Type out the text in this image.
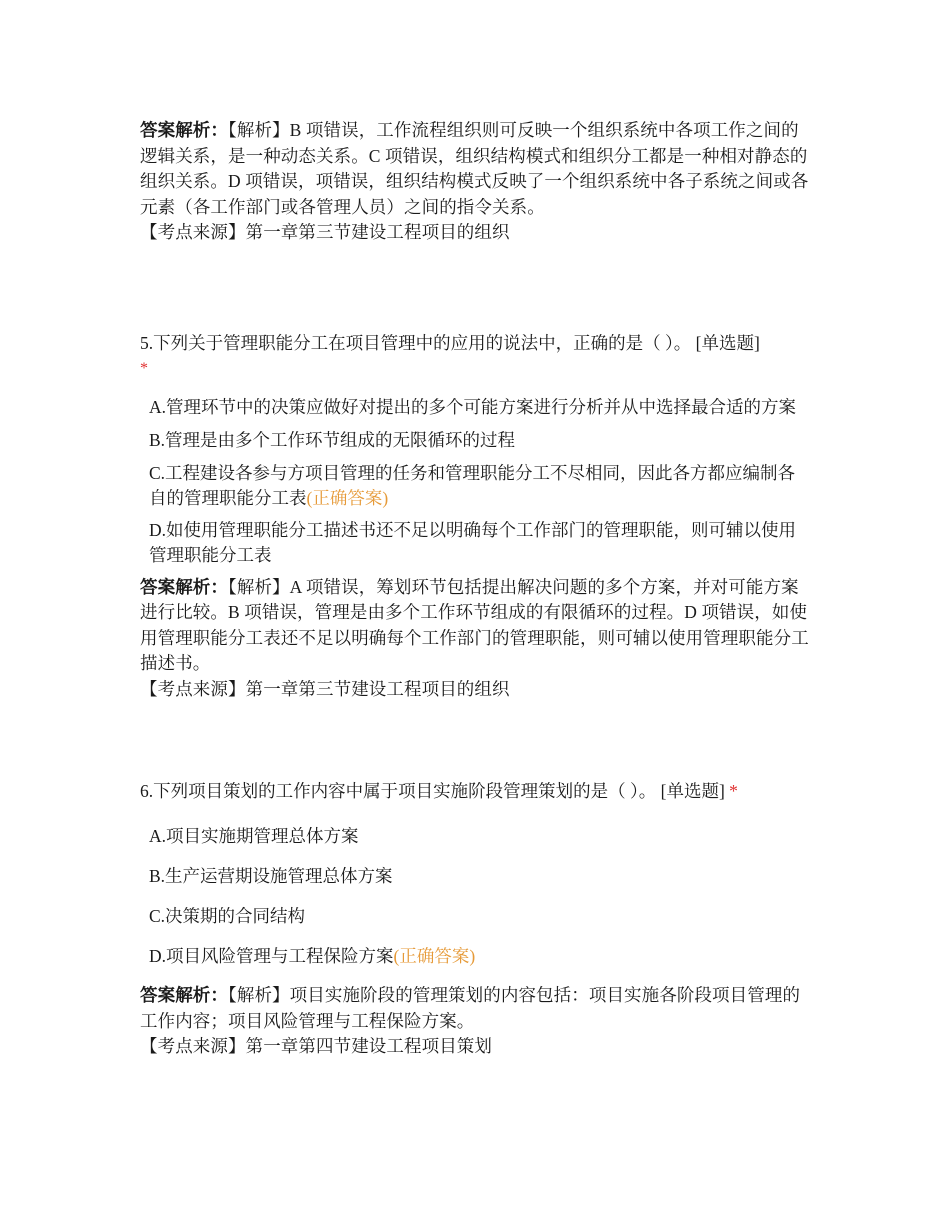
答案解析：【解析】B 项错误，工作流程组织则可反映一个组织系统中各项工作之间的逻辑关系，是一种动态关系。C 项错误，组织结构模式和组织分工都是一种相对静态的组织关系。D 项错误，项错误，组织结构模式反映了一个组织系统中各子系统之间或各元素（各工作部门或各管理人员）之间的指令关系。

【考点来源】第一章第三节建设工程项目的组织

5.下列关于管理职能分工在项目管理中的应用的说法中，正确的是（ ）。 [单选题]

*

A.管理环节中的决策应做好对提出的多个可能方案进行分析并从中选择最合适的方案

B.管理是由多个工作环节组成的无限循环的过程

C.工程建设各参与方项目管理的任务和管理职能分工不尽相同，因此各方都应编制各自的管理职能分工表(正确答案)

D.如使用管理职能分工描述书还不足以明确每个工作部门的管理职能，则可辅以使用管理职能分工表

答案解析：【解析】A 项错误，筹划环节包括提出解决问题的多个方案，并对可能方案进行比较。B 项错误，管理是由多个工作环节组成的有限循环的过程。D 项错误，如使用管理职能分工表还不足以明确每个工作部门的管理职能，则可辅以使用管理职能分工描述书。

【考点来源】第一章第三节建设工程项目的组织

6.下列项目策划的工作内容中属于项目实施阶段管理策划的是（ ）。 [单选题] *

A.项目实施期管理总体方案

B.生产运营期设施管理总体方案

C.决策期的合同结构

D.项目风险管理与工程保险方案(正确答案)

答案解析：【解析】项目实施阶段的管理策划的内容包括：项目实施各阶段项目管理的工作内容；项目风险管理与工程保险方案。

【考点来源】第一章第四节建设工程项目策划
